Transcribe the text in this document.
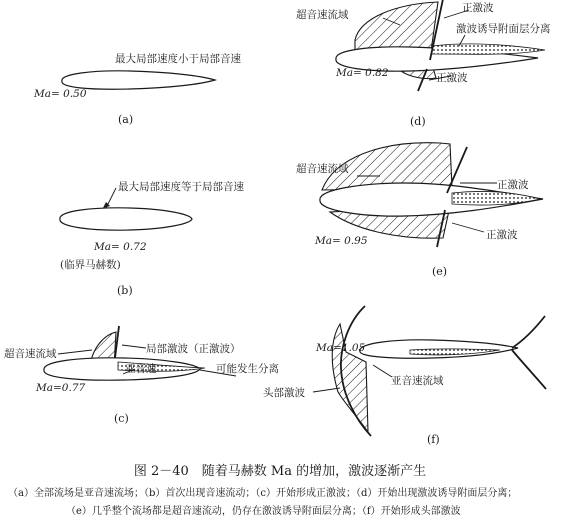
最大局部速度小于局部音速
Ma= 0.50
(a)
最大局部速度等于局部音速
Ma= 0.72
(临界马赫数)
(b)
超音速流域	局部激波（正激波）
亚音速	可能发生分离
Ma=0.77
(c)
超音速流域
正激波
激波诱导附面层分离
正激波
Ma= 0.82
(d)
超音速流域
正激波
正激波
Ma= 0.95
(e)
Ma=1.05
亚音速流域
头部激波
(f)
图 2－40　随着马赫数 Ma 的增加，激波逐渐产生
（a）全部流场是亚音速流场；（b）首次出现音速流动；（c）开始形成正激波；（d）开始出现激波诱导附面层分离；
（e）几乎整个流场都是超音速流动，仍存在激波诱导附面层分离；（f）开始形成头部激波
